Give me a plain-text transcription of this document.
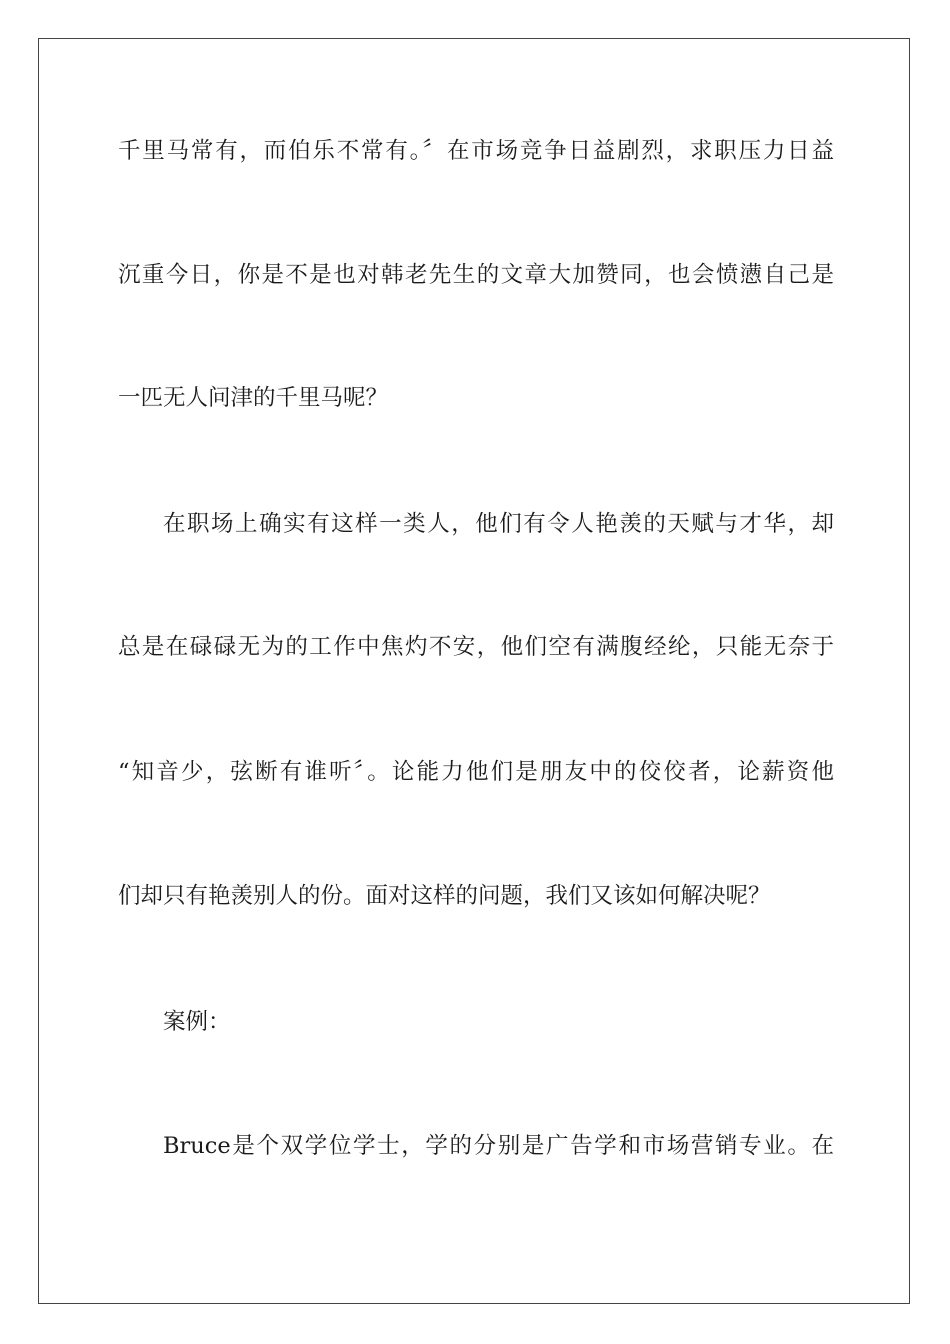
千里马常有，而伯乐不常有。〞在市场竞争日益剧烈，求职压力日益
沉重今日，你是不是也对韩老先生的文章大加赞同，也会愤懑自己是
一匹无人问津的千里马呢？
在职场上确实有这样一类人，他们有令人艳羡的天赋与才华，却
总是在碌碌无为的工作中焦灼不安，他们空有满腹经纶，只能无奈于
“知音少，弦断有谁听〞。论能力他们是朋友中的佼佼者，论薪资他
们却只有艳羡别人的份。面对这样的问题，我们又该如何解决呢？
案例：
Bruce是个双学位学士，学的分别是广告学和市场营销专业。在
